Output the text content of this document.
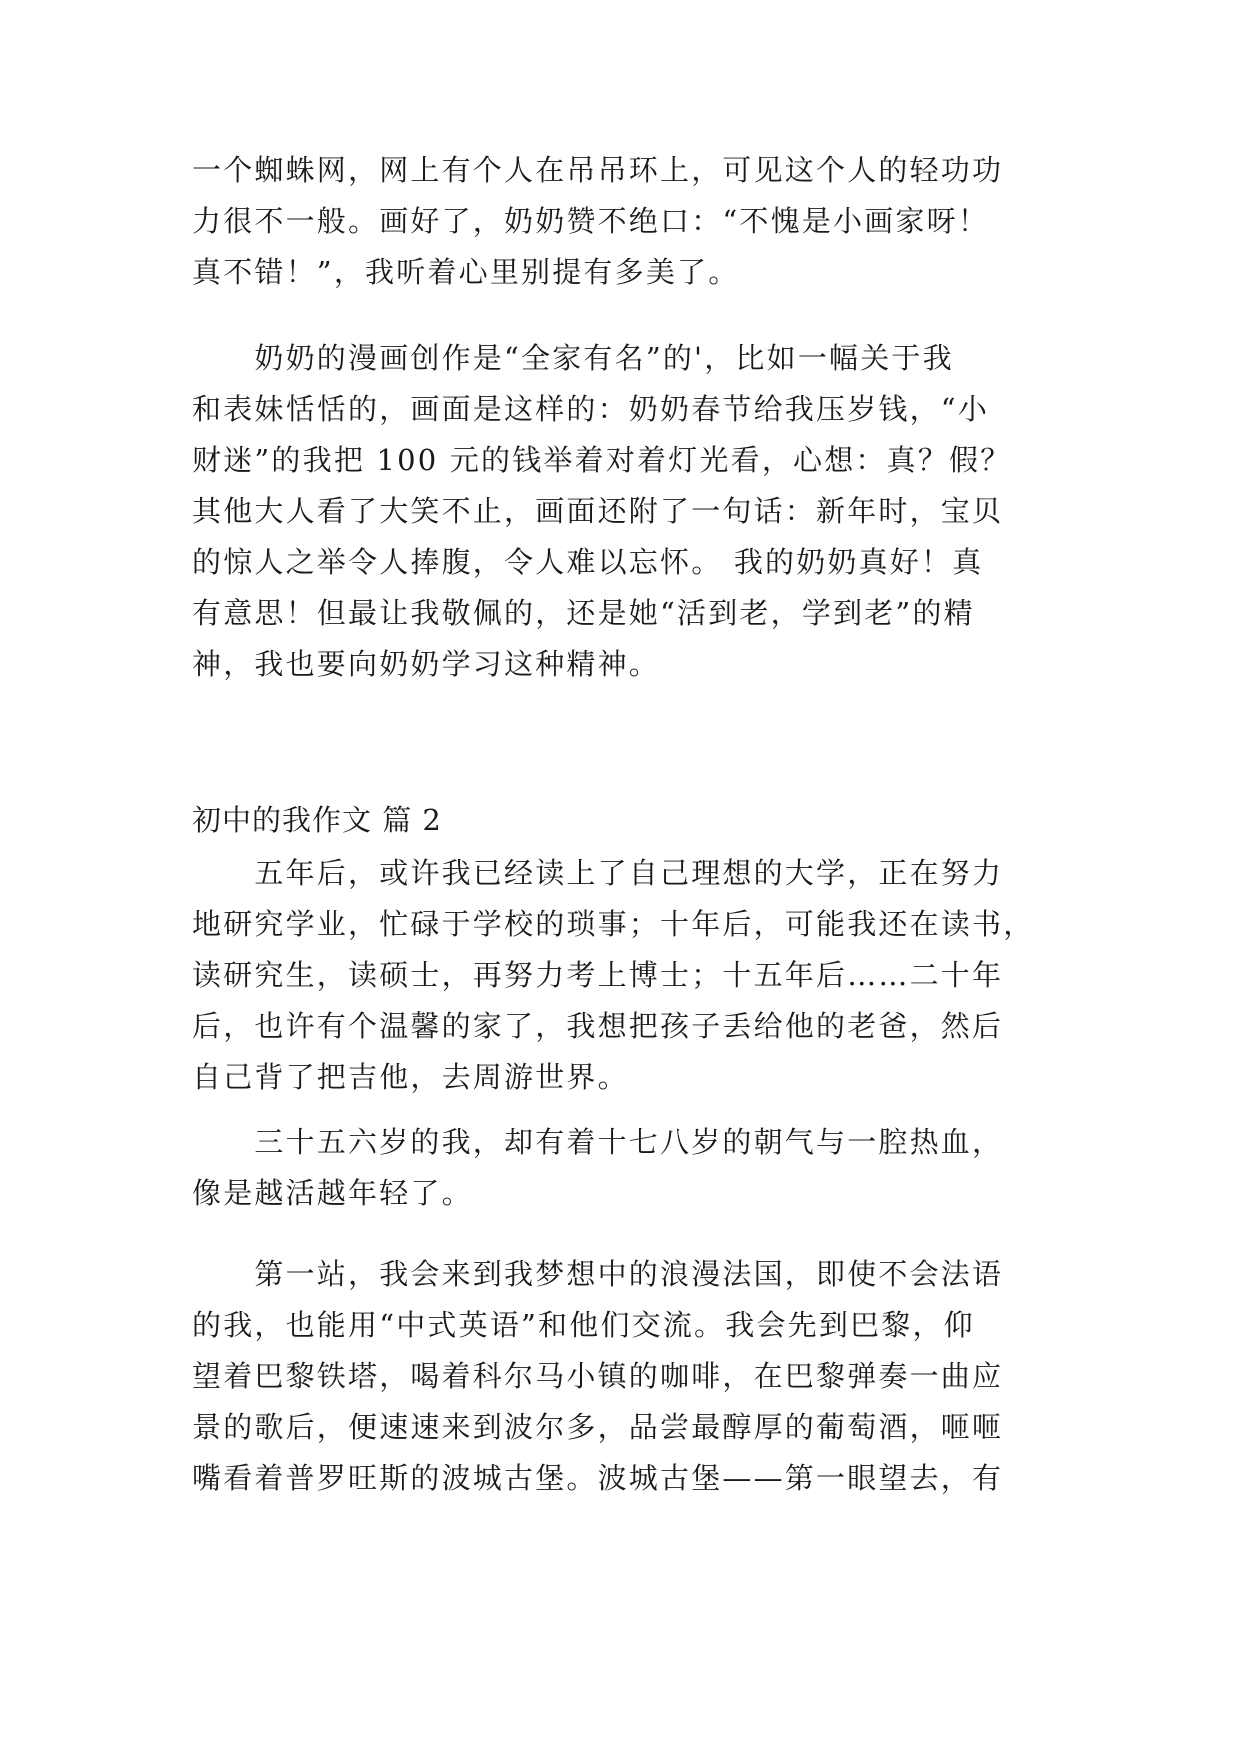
一个蜘蛛网，网上有个人在吊吊环上，可见这个人的轻功功
力很不一般。画好了，奶奶赞不绝口：“不愧是小画家呀！
真不错！”，我听着心里别提有多美了。
　　奶奶的漫画创作是“全家有名”的'，比如一幅关于我
和表妹恬恬的，画面是这样的：奶奶春节给我压岁钱，“小
财迷”的我把 100 元的钱举着对着灯光看，心想：真？假？
其他大人看了大笑不止，画面还附了一句话：新年时，宝贝
的惊人之举令人捧腹，令人难以忘怀。 我的奶奶真好！真
有意思！但最让我敬佩的，还是她“活到老，学到老”的精
神，我也要向奶奶学习这种精神。
初中的我作文 篇 2
　　五年后，或许我已经读上了自己理想的大学，正在努力
地研究学业，忙碌于学校的琐事；十年后，可能我还在读书，
读研究生，读硕士，再努力考上博士；十五年后……二十年
后，也许有个温馨的家了，我想把孩子丢给他的老爸，然后
自己背了把吉他，去周游世界。
　　三十五六岁的我，却有着十七八岁的朝气与一腔热血，
像是越活越年轻了。
　　第一站，我会来到我梦想中的浪漫法国，即使不会法语
的我，也能用“中式英语”和他们交流。我会先到巴黎，仰
望着巴黎铁塔，喝着科尔马小镇的咖啡，在巴黎弹奏一曲应
景的歌后，便速速来到波尔多，品尝最醇厚的葡萄酒，咂咂
嘴看着普罗旺斯的波城古堡。波城古堡——第一眼望去，有
